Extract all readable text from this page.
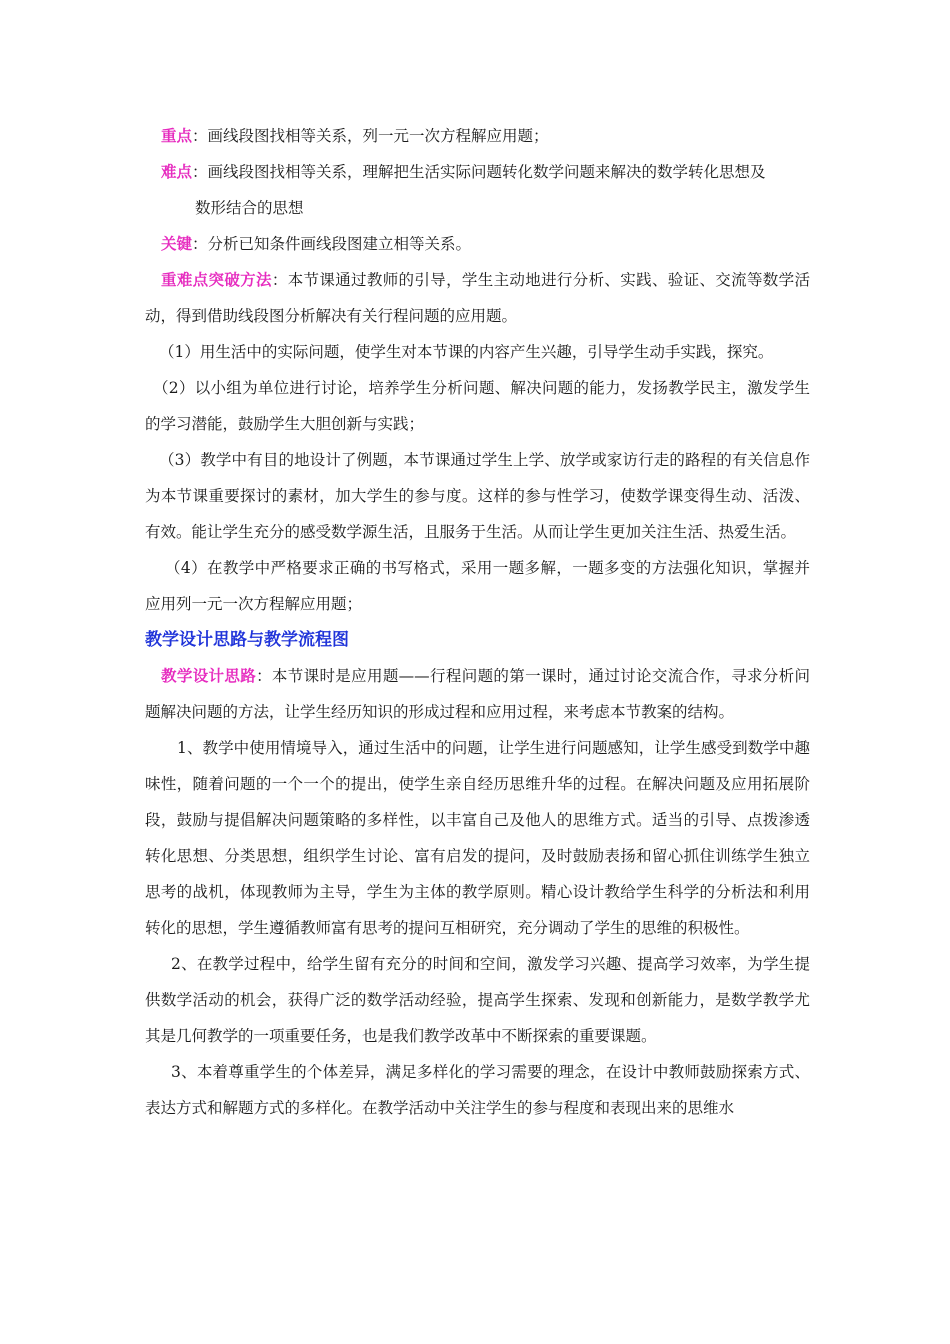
重点：画线段图找相等关系，列一元一次方程解应用题；

难点：画线段图找相等关系，理解把生活实际问题转化数学问题来解决的数学转化思想及

数形结合的思想

关键：分析已知条件画线段图建立相等关系。

重难点突破方法：本节课通过教师的引导，学生主动地进行分析、实践、验证、交流等数学活动，得到借助线段图分析解决有关行程问题的应用题。

（1）用生活中的实际问题，使学生对本节课的内容产生兴趣，引导学生动手实践，探究。

（2）以小组为单位进行讨论，培养学生分析问题、解决问题的能力，发扬教学民主，激发学生的学习潜能，鼓励学生大胆创新与实践；

（3）教学中有目的地设计了例题，本节课通过学生上学、放学或家访行走的路程的有关信息作为本节课重要探讨的素材，加大学生的参与度。这样的参与性学习，使数学课变得生动、活泼、有效。能让学生充分的感受数学源生活，且服务于生活。从而让学生更加关注生活、热爱生活。

（4）在教学中严格要求正确的书写格式，采用一题多解，一题多变的方法强化知识，掌握并应用列一元一次方程解应用题；

教学设计思路与教学流程图

教学设计思路：本节课时是应用题——行程问题的第一课时，通过讨论交流合作，寻求分析问题解决问题的方法，让学生经历知识的形成过程和应用过程，来考虑本节教案的结构。

1、教学中使用情境导入，通过生活中的问题，让学生进行问题感知，让学生感受到数学中趣味性，随着问题的一个一个的提出，使学生亲自经历思维升华的过程。在解决问题及应用拓展阶段，鼓励与提倡解决问题策略的多样性，以丰富自己及他人的思维方式。适当的引导、点拨渗透转化思想、分类思想，组织学生讨论、富有启发的提问，及时鼓励表扬和留心抓住训练学生独立思考的战机，体现教师为主导，学生为主体的教学原则。精心设计教给学生科学的分析法和利用转化的思想，学生遵循教师富有思考的提问互相研究，充分调动了学生的思维的积极性。

2、在教学过程中，给学生留有充分的时间和空间，激发学习兴趣、提高学习效率，为学生提供数学活动的机会，获得广泛的数学活动经验，提高学生探索、发现和创新能力，是数学教学尤其是几何教学的一项重要任务，也是我们教学改革中不断探索的重要课题。

3、本着尊重学生的个体差异，满足多样化的学习需要的理念，在设计中教师鼓励探索方式、表达方式和解题方式的多样化。在教学活动中关注学生的参与程度和表现出来的思维水
